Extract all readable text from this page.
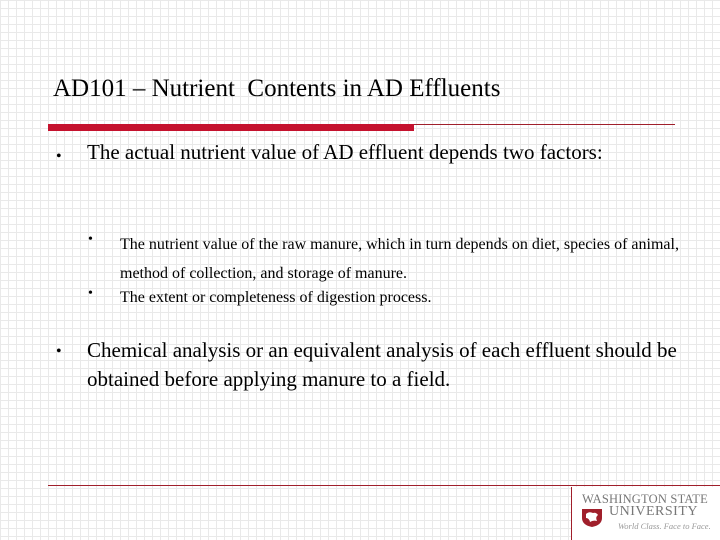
AD101 – Nutrient  Contents in AD Effluents
• The actual nutrient value of AD effluent depends two factors:
• The nutrient value of the raw manure, which in turn depends on diet, species of animal, method of collection, and storage of manure.
• The extent or completeness of digestion process.
• Chemical analysis or an equivalent analysis of each effluent should be obtained before applying manure to a field.
WASHINGTON STATE
UNIVERSITY
World Class. Face to Face.
